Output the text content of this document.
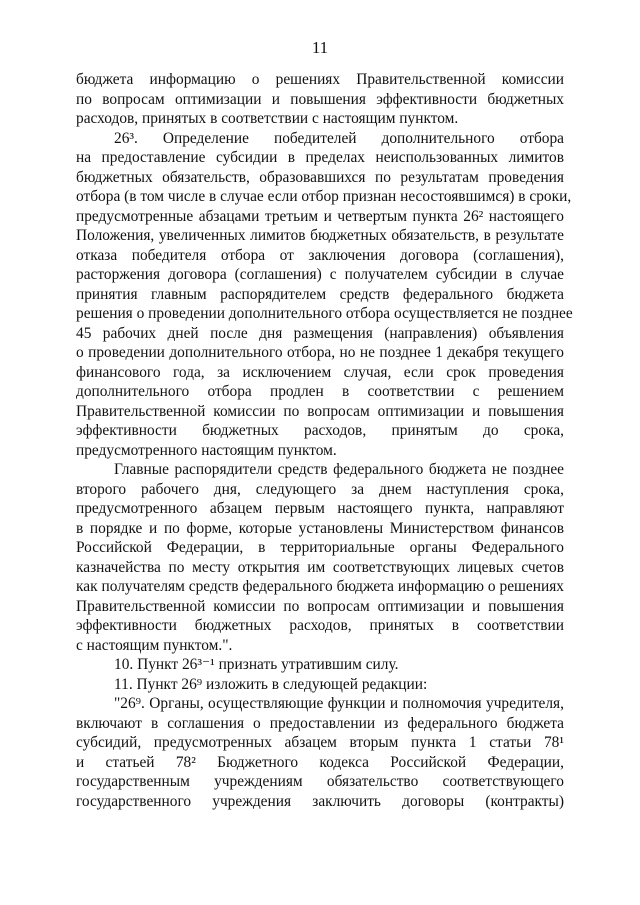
11
бюджета информацию о решениях Правительственной комиссии
по вопросам оптимизации и повышения эффективности бюджетных
расходов, принятых в соответствии с настоящим пунктом.
26³. Определение победителей дополнительного отбора
на предоставление субсидии в пределах неиспользованных лимитов
бюджетных обязательств, образовавшихся по результатам проведения
отбора (в том числе в случае если отбор признан несостоявшимся) в сроки,
предусмотренные абзацами третьим и четвертым пункта 26² настоящего
Положения, увеличенных лимитов бюджетных обязательств, в результате
отказа победителя отбора от заключения договора (соглашения),
расторжения договора (соглашения) с получателем субсидии в случае
принятия главным распорядителем средств федерального бюджета
решения о проведении дополнительного отбора осуществляется не позднее
45 рабочих дней после дня размещения (направления) объявления
о проведении дополнительного отбора, но не позднее 1 декабря текущего
финансового года, за исключением случая, если срок проведения
дополнительного отбора продлен в соответствии с решением
Правительственной комиссии по вопросам оптимизации и повышения
эффективности бюджетных расходов, принятым до срока,
предусмотренного настоящим пунктом.
Главные распорядители средств федерального бюджета не позднее
второго рабочего дня, следующего за днем наступления срока,
предусмотренного абзацем первым настоящего пункта, направляют
в порядке и по форме, которые установлены Министерством финансов
Российской Федерации, в территориальные органы Федерального
казначейства по месту открытия им соответствующих лицевых счетов
как получателям средств федерального бюджета информацию о решениях
Правительственной комиссии по вопросам оптимизации и повышения
эффективности бюджетных расходов, принятых в соответствии
с настоящим пунктом.".
10. Пункт 26³⁻¹ признать утратившим силу.
11. Пункт 26⁹ изложить в следующей редакции:
"26⁹. Органы, осуществляющие функции и полномочия учредителя,
включают в соглашения о предоставлении из федерального бюджета
субсидий, предусмотренных абзацем вторым пункта 1 статьи 78¹
и статьей 78² Бюджетного кодекса Российской Федерации,
государственным учреждениям обязательство соответствующего
государственного учреждения заключить договоры (контракты)
